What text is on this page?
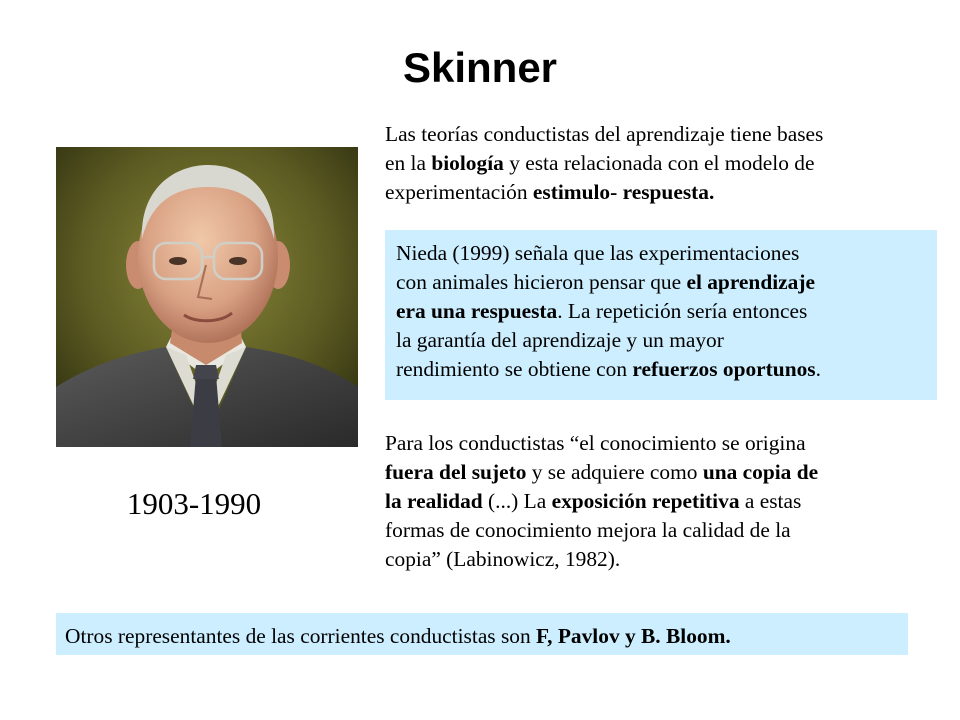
Skinner
1903-1990
Las teorías conductistas del aprendizaje tiene bases
en la biología y esta relacionada con el modelo de
experimentación estimulo- respuesta.
Nieda (1999) señala que las experimentaciones
con animales hicieron pensar que el aprendizaje
era una respuesta. La repetición sería entonces
la garantía del aprendizaje y un mayor
rendimiento se obtiene con refuerzos oportunos.
Para los conductistas “el conocimiento se origina
fuera del sujeto y se adquiere como una copia de
la realidad (...) La exposición repetitiva a estas
formas de conocimiento mejora la calidad de la
copia” (Labinowicz, 1982).
Otros representantes de las corrientes conductistas son F, Pavlov y B. Bloom.
